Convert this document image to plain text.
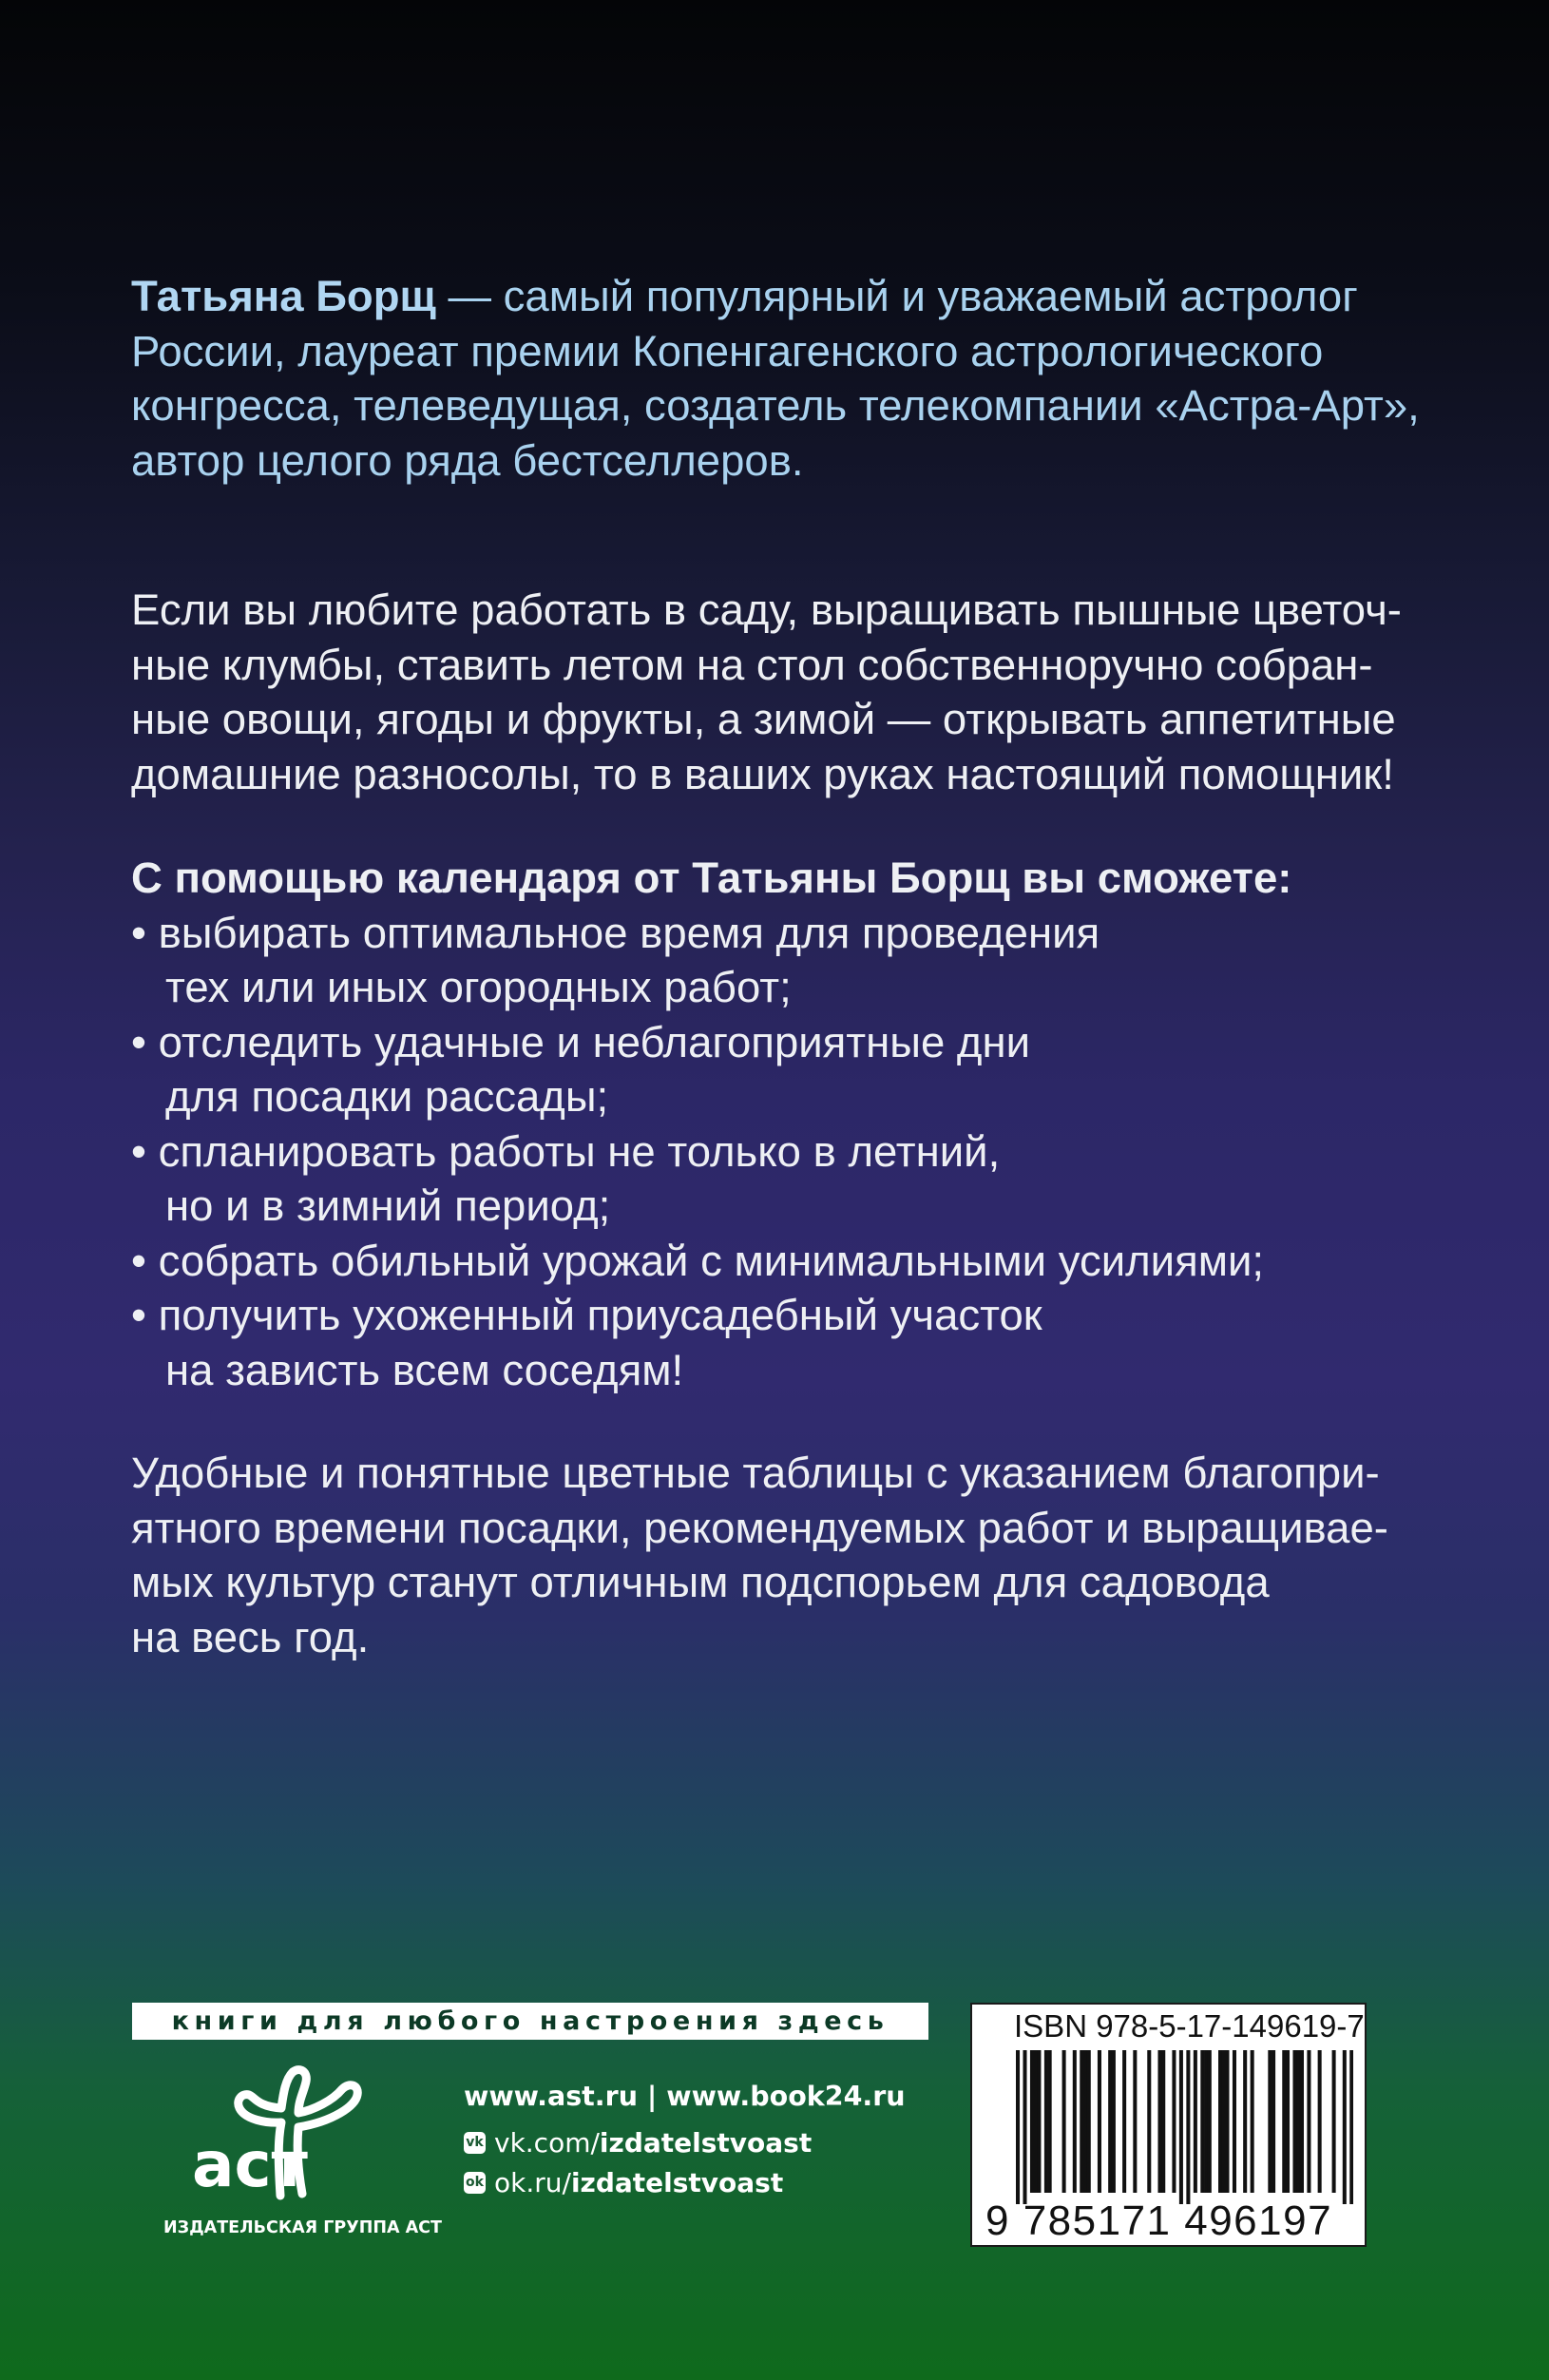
Татьяна Борщ — самый популярный и уважаемый астролог
России, лауреат премии Копенгагенского астрологического
конгресса, телеведущая, создатель телекомпании «Астра-Арт»,
автор целого ряда бестселлеров.
Если вы любите работать в саду, выращивать пышные цветоч-
ные клумбы, ставить летом на стол собственноручно собран-
ные овощи, ягоды и фрукты, а зимой — открывать аппетитные
домашние разносолы, то в ваших руках настоящий помощник!
С помощью календаря от Татьяны Борщ вы сможете:
• выбирать оптимальное время для проведения
тех или иных огородных работ;
• отследить удачные и неблагоприятные дни
для посадки рассады;
• спланировать работы не только в летний,
но и в зимний период;
• собрать обильный урожай с минимальными усилиями;
• получить ухоженный приусадебный участок
на зависть всем соседям!
Удобные и понятные цветные таблицы с указанием благопри-
ятного времени посадки, рекомендуемых работ и выращивае-
мых культур станут отличным подспорьем для садовода
на весь год.
книги для любого настроения здесь
аст
ИЗДАТЕЛЬСКАЯ ГРУППА АСТ
www.ast.ru | www.book24.ru
vk vk.com/ izdatelstvoast
ok ok.ru/ izdatelstvoast
ISBN 978-5-17-149619-7
9 785171 496197
